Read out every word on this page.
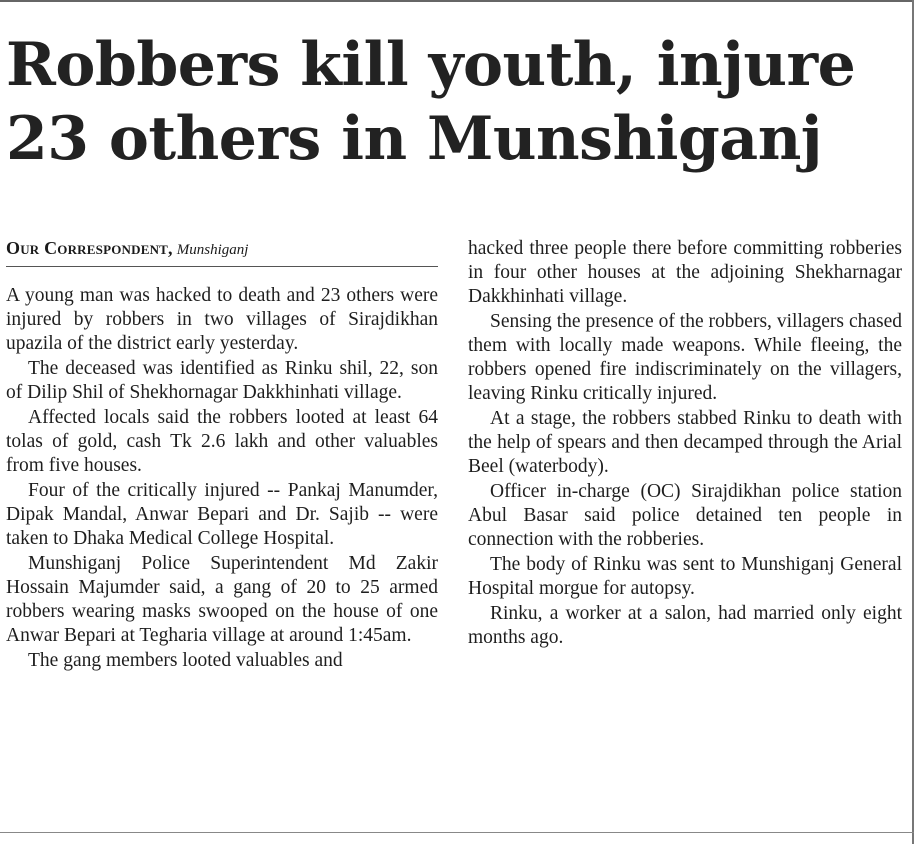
Robbers kill youth, injure
23 others in Munshiganj
Our Correspondent, Munshiganj

A young man was hacked to death and 23 others were injured by robbers in two villages of Sirajdikhan upazila of the district early yesterday.

The deceased was identified as Rinku shil, 22, son of Dilip Shil of Shekhornagar Dakkhinhati village.

Affected locals said the robbers looted at least 64 tolas of gold, cash Tk 2.6 lakh and other valuables from five houses.

Four of the critically injured -- Pankaj Manumder, Dipak Mandal, Anwar Bepari and Dr. Sajib -- were taken to Dhaka Medical College Hospital.

Munshiganj Police Superintendent Md Zakir Hossain Majumder said, a gang of 20 to 25 armed robbers wearing masks swooped on the house of one Anwar Bepari at Tegharia village at around 1:45am.

The gang members looted valuables and

hacked three people there before committing robberies in four other houses at the adjoining Shekharnagar Dakkhinhati village.

Sensing the presence of the robbers, villagers chased them with locally made weapons. While fleeing, the robbers opened fire indiscriminately on the villagers, leaving Rinku critically injured.

At a stage, the robbers stabbed Rinku to death with the help of spears and then decamped through the Arial Beel (waterbody).

Officer in-charge (OC) Sirajdikhan police station Abul Basar said police detained ten people in connection with the robberies.

The body of Rinku was sent to Munshiganj General Hospital morgue for autopsy.

Rinku, a worker at a salon, had married only eight months ago.
